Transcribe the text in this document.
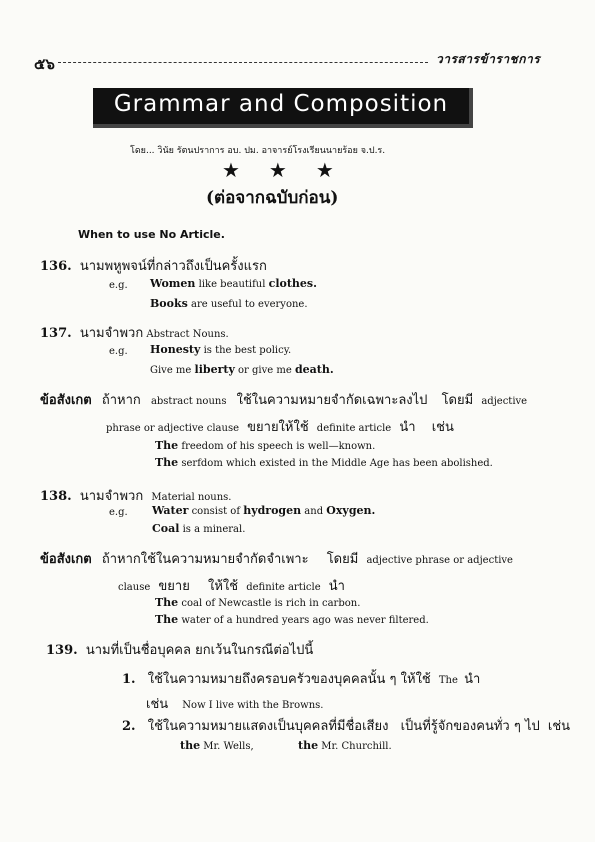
๕๖	วารสารข้าราชการ
Grammar and Composition
โดย... วินัย รัตนปราการ อบ. ปม. อาจารย์โรงเรียนนายร้อย จ.ป.ร.
★★★
(ต่อจากฉบับก่อน)
When to use No Article.
136. นามพหูพจน์ที่กล่าวถึงเป็นครั้งแรก
e.g. Women like beautiful clothes.
Books are useful to everyone.
137. นามจำพวก Abstract Nouns.
e.g. Honesty is the best policy.
Give me liberty or give me death.
ข้อสังเกต ถ้าหาก abstract nouns ใช้ในความหมายจำกัดเฉพาะลงไป โดยมี adjective
phrase or adjective clause ขยายให้ใช้ definite article นำ เช่น
The freedom of his speech is well—known.
The serfdom which existed in the Middle Age has been abolished.
138. นามจำพวก Material nouns.
e.g. Water consist of hydrogen and Oxygen.
Coal is a mineral.
ข้อสังเกต ถ้าหากใช้ในความหมายจำกัดจำเพาะ โดยมี adjective phrase or adjective
clause ขยาย ให้ใช้ definite article นำ
The coal of Newcastle is rich in carbon.
The water of a hundred years ago was never filtered.
139. นามที่เป็นชื่อบุคคล ยกเว้นในกรณีต่อไปนี้
1. ใช้ในความหมายถึงครอบครัวของบุคคลนั้น ๆ ให้ใช้ The นำ
เช่น Now I live with the Browns.
2. ใช้ในความหมายแสดงเป็นบุคคลที่มีชื่อเสียง เป็นที่รู้จักของคนทั่ว ๆ ไป เช่น
the Mr. Wells,	the Mr. Churchill.
